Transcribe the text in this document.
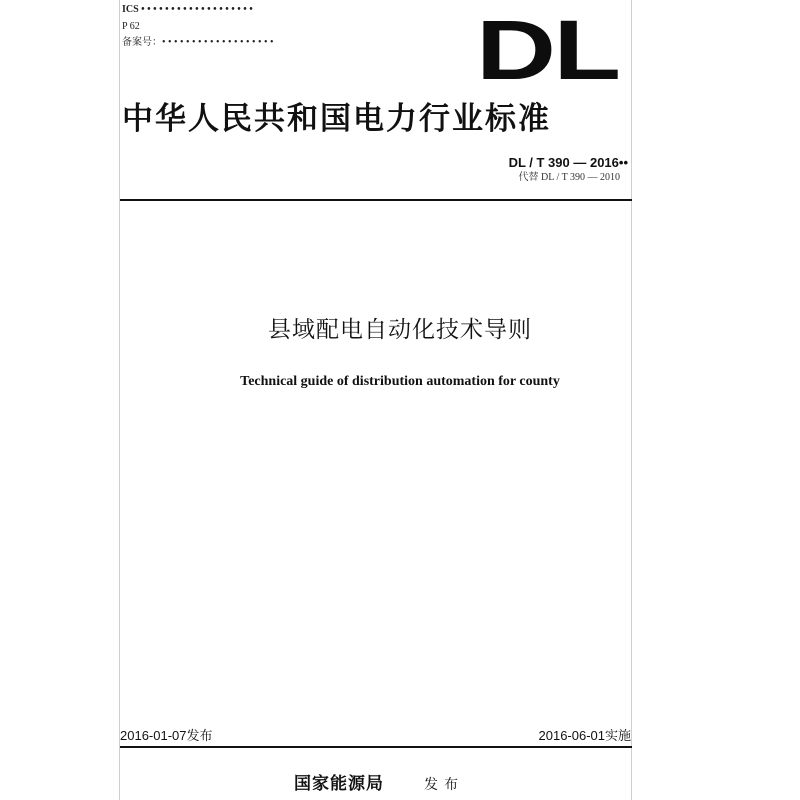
ICS • • • • • • • • • • • • • • • • • • •
P 62
备案号：• • • • • • • • • • • • • • • • • • • DL
中华人民共和国电力行业标准
DL / T 390 — 2016••
代替 DL / T 390 — 2010
县域配电自动化技术导则
Technical guide of distribution automation for county
2016-01-07发布	2016-06-01实施
国家能源局	发布
